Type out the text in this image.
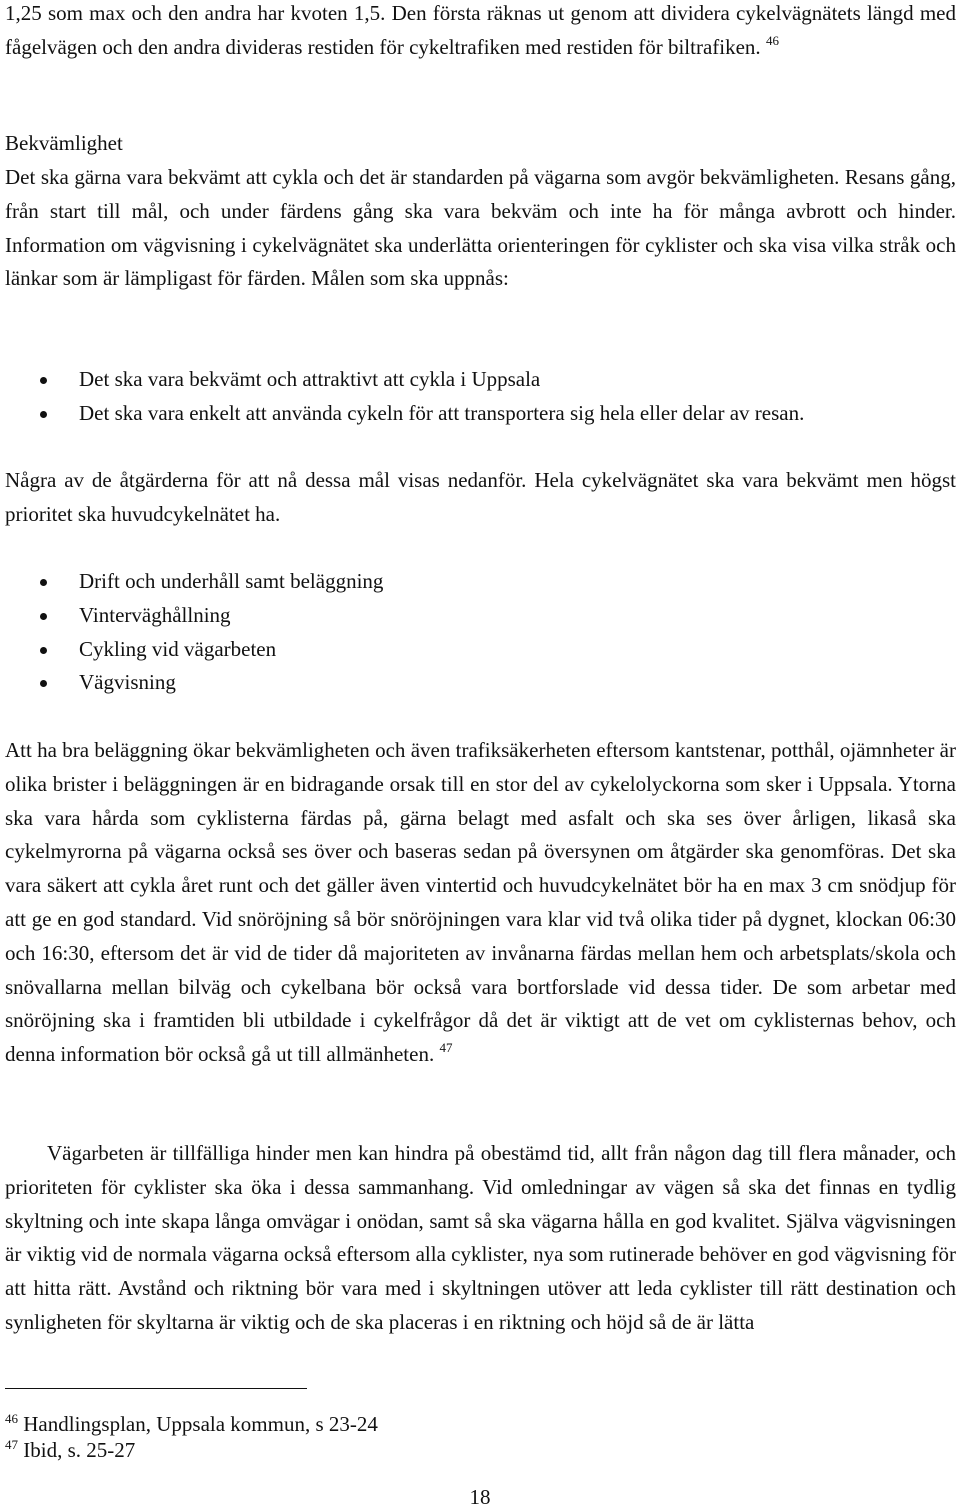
1,25 som max och den andra har kvoten 1,5. Den första räknas ut genom att dividera cykelvägnätets längd med fågelvägen och den andra divideras restiden för cykeltrafiken med restiden för biltrafiken. $^{46}$

Bekvämlighet

Det ska gärna vara bekvämt att cykla och det är standarden på vägarna som avgör bekvämligheten. Resans gång, från start till mål, och under färdens gång ska vara bekväm och inte ha för många avbrott och hinder. Information om vägvisning i cykelvägnätet ska underlätta orienteringen för cyklister och ska visa vilka stråk och länkar som är lämpligast för färden. Målen som ska uppnås:

Det ska vara bekvämt och attraktivt att cykla i Uppsala
Det ska vara enkelt att använda cykeln för att transportera sig hela eller delar av resan.

Några av de åtgärderna för att nå dessa mål visas nedanför. Hela cykelvägnätet ska vara bekvämt men högst prioritet ska huvudcykelnätet ha.

Drift och underhåll samt beläggning
Vinterväghållning
Cykling vid vägarbeten
Vägvisning

Att ha bra beläggning ökar bekvämligheten och även trafiksäkerheten eftersom kantstenar, potthål, ojämnheter är olika brister i beläggningen är en bidragande orsak till en stor del av cykelolyckorna som sker i Uppsala. Ytorna ska vara hårda som cyklisterna färdas på, gärna belagt med asfalt och ska ses över årligen, likaså ska cykelmyrorna på vägarna också ses över och baseras sedan på översynen om åtgärder ska genomföras. Det ska vara säkert att cykla året runt och det gäller även vintertid och huvudcykelnätet bör ha en max 3 cm snödjup för att ge en god standard. Vid snöröjning så bör snöröjningen vara klar vid två olika tider på dygnet, klockan 06:30 och 16:30, eftersom det är vid de tider då majoriteten av invånarna färdas mellan hem och arbetsplats/skola och snövallarna mellan bilväg och cykelbana bör också vara bortforslade vid dessa tider. De som arbetar med snöröjning ska i framtiden bli utbildade i cykelfrågor då det är viktigt att de vet om cyklisternas behov, och denna information bör också gå ut till allmänheten. $^{47}$

Vägarbeten är tillfälliga hinder men kan hindra på obestämd tid, allt från någon dag till flera månader, och prioriteten för cyklister ska öka i dessa sammanhang. Vid omledningar av vägen så ska det finnas en tydlig skyltning och inte skapa långa omvägar i onödan, samt så ska vägarna hålla en god kvalitet. Själva vägvisningen är viktig vid de normala vägarna också eftersom alla cyklister, nya som rutinerade behöver en god vägvisning för att hitta rätt. Avstånd och riktning bör vara med i skyltningen utöver att leda cyklister till rätt destination och synligheten för skyltarna är viktig och de ska placeras i en riktning och höjd så de är lätta

$^{46}$ Handlingsplan, Uppsala kommun, s 23-24
$^{47}$ Ibid, s. 25-27
18
